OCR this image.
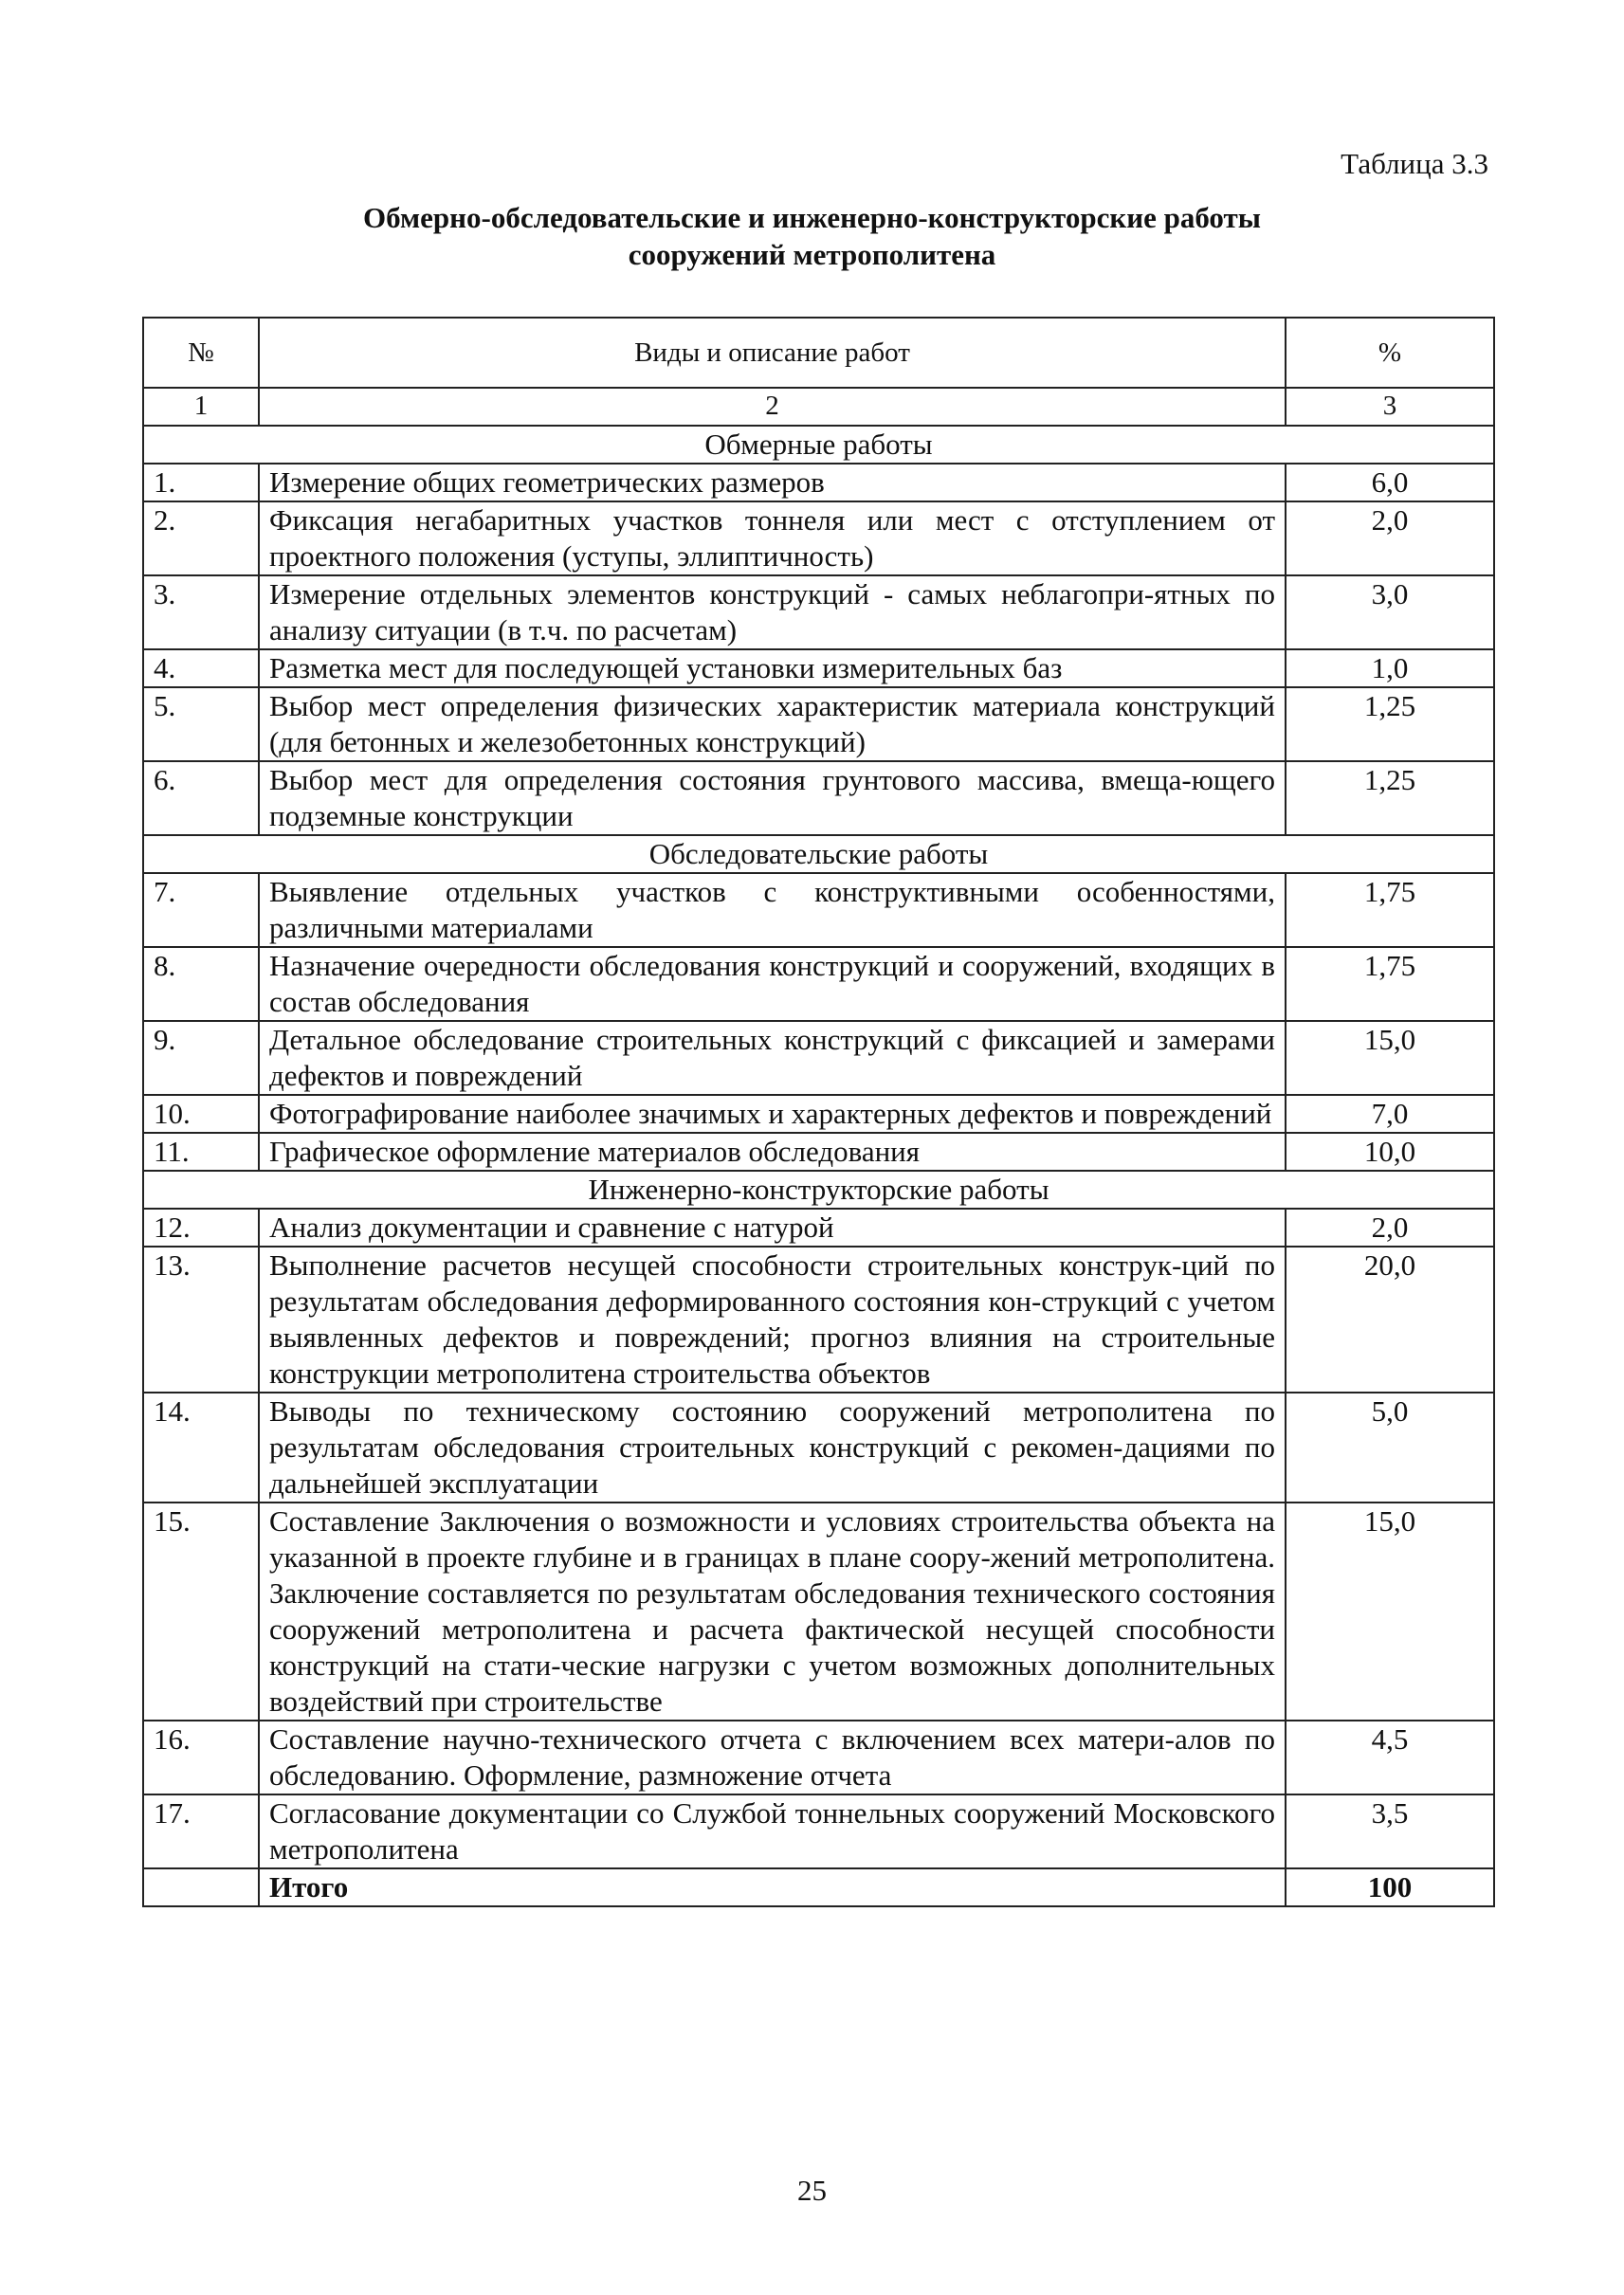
Таблица 3.3
Обмерно-обследовательские и инженерно-конструкторские работы
сооружений метрополитена
№	Виды и описание работ	%
1	2	3
Обмерные работы		
1.	Измерение общих геометрических размеров	6,0
2.	Фиксация негабаритных участков тоннеля или мест с отступлением от проектного положения (уступы, эллиптичность)	2,0
3.	Измерение отдельных элементов конструкций - самых неблагопри-ятных по анализу ситуации (в т.ч. по расчетам)	3,0
4.	Разметка мест для последующей установки измерительных баз	1,0
5.	Выбор мест определения физических характеристик материала конструкций (для бетонных и железобетонных конструкций)	1,25
6.	Выбор мест для определения состояния грунтового массива, вмеща-ющего подземные конструкции	1,25
Обследовательские работы		
7.	Выявление отдельных участков с конструктивными особенностями, различными материалами	1,75
8.	Назначение очередности обследования конструкций и сооружений, входящих в состав обследования	1,75
9.	Детальное обследование строительных конструкций с фиксацией и замерами дефектов и повреждений	15,0
10.	Фотографирование наиболее значимых и характерных дефектов и повреждений	7,0
11.	Графическое оформление материалов обследования	10,0
Инженерно-конструкторские работы		
12.	Анализ документации и сравнение с натурой	2,0
13.	Выполнение расчетов несущей способности строительных конструк-ций по результатам обследования деформированного состояния кон-струкций с учетом выявленных дефектов и повреждений; прогноз влияния на строительные конструкции метрополитена строительства объектов	20,0
14.	Выводы по техническому состоянию сооружений метрополитена по результатам обследования строительных конструкций с рекомен-дациями по дальнейшей эксплуатации	5,0
15.	Составление Заключения о возможности и условиях строительства объекта на указанной в проекте глубине и в границах в плане соору-жений метрополитена. Заключение составляется по результатам обследования технического состояния сооружений метрополитена и расчета фактической несущей способности конструкций на стати-ческие нагрузки с учетом возможных дополнительных воздействий при строительстве	15,0
16.	Составление научно-технического отчета с включением всех матери-алов по обследованию. Оформление, размножение отчета	4,5
17.	Согласование документации со Службой тоннельных сооружений Московского метрополитена	3,5
	Итого	100
25
